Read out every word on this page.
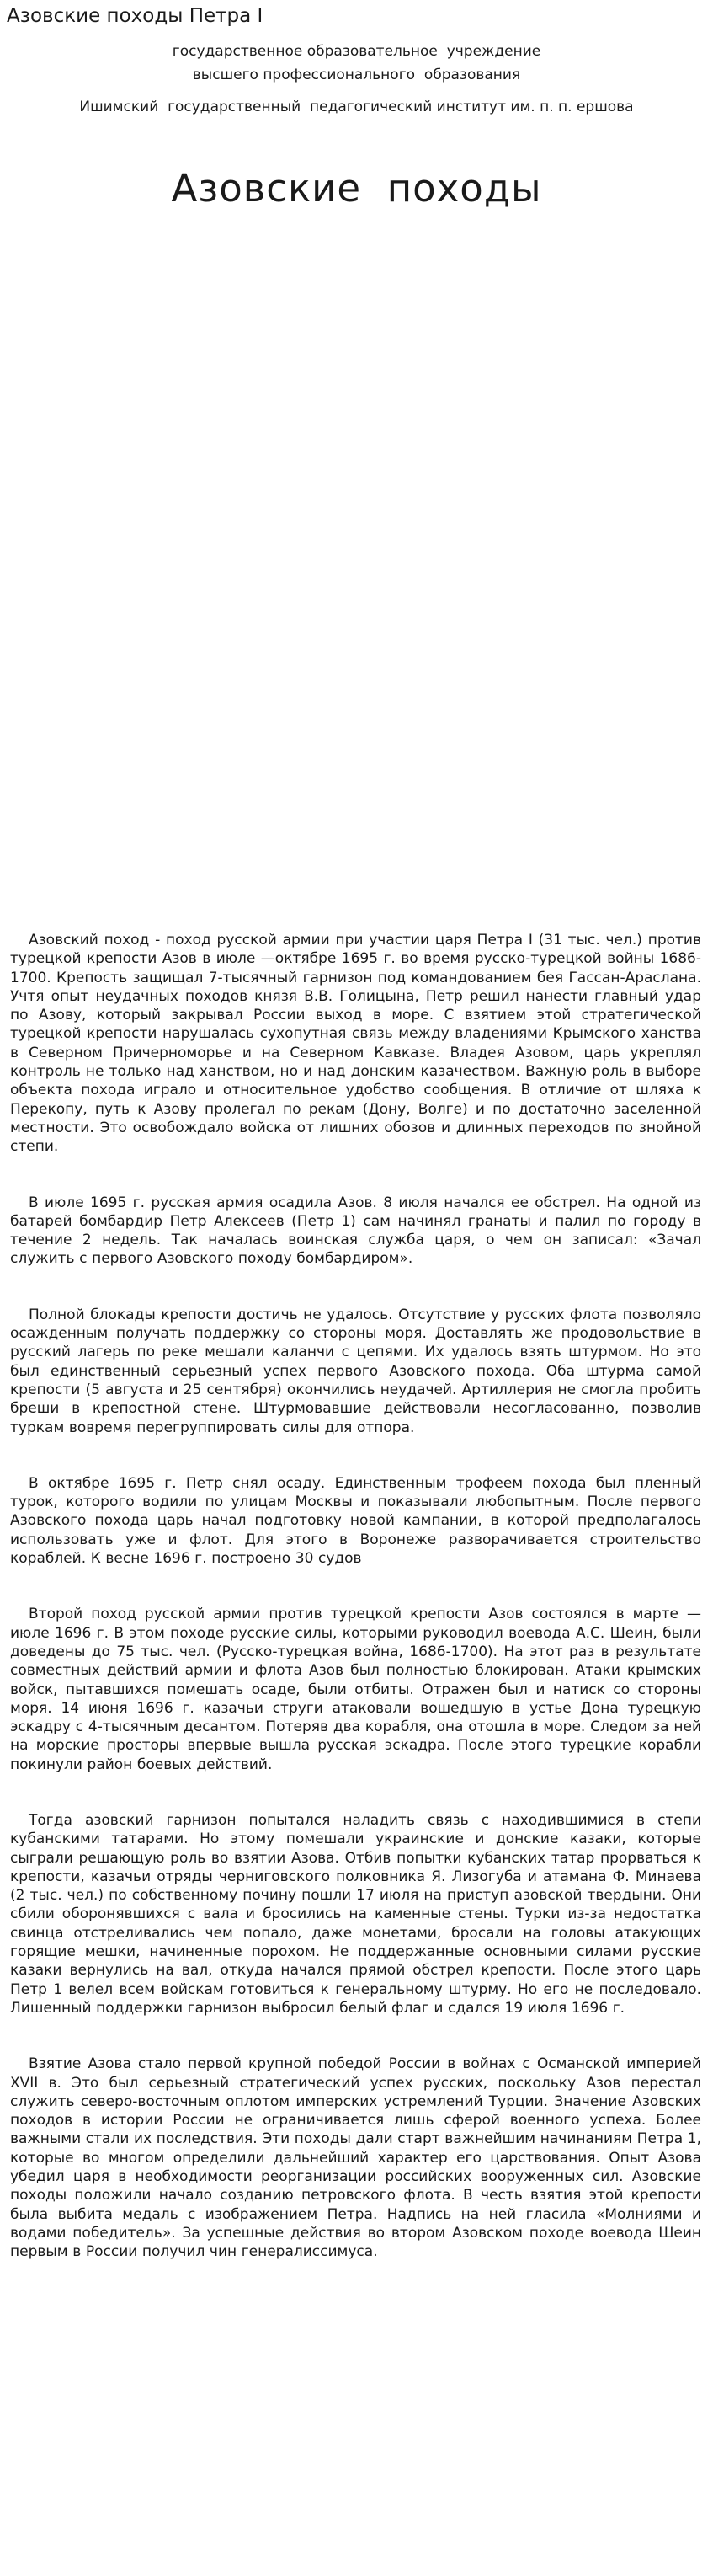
Азовские походы Петра I
государственное образовательное  учреждение
высшего профессионального  образования
Ишимский  государственный  педагогический институт им. п. п. ершова
Азовские  походы

Азовский поход - поход русской армии при участии царя Петра I (31 тыс. чел.) против турецкой крепости Азов в июле —октябре 1695 г. во время русско-турецкой войны 1686-1700. Крепость защищал 7-тысячный гарнизон под командованием бея Гассан-Арaслана. Учтя опыт неудачных походов князя В.В. Голицына, Петр решил нанести главный удар по Азову, который закрывал России выход в море. С взятием этой стратегической турецкой крепости нарушалась сухопутная связь между владениями Крымского ханства в Северном Причерноморье и на Северном Кавказе. Владея Азовом, царь укреплял контроль не только над ханством, но и над донским казачеством. Важную роль в выборе объекта похода играло и относительное удобство сообщения. В отличие от шляха к Перекопу, путь к Азову пролегал по рекам (Дону, Волге) и по достаточно заселенной местности. Это освобождало войска от лишних обозов и длинных переходов по знойной степи.

В июле 1695 г. русская армия осадила Азов. 8 июля начался ее обстрел. На одной из батарей бомбардир Петр Алексеев (Петр 1) сам начинял гранаты и палил по городу в течение 2 недель. Так началась воинская служба царя, о чем он записал: «Зачал служить с первого Азовского походу бомбардиром».

Полной блокады крепости достичь не удалось. Отсутствие у русских флота позволяло осажденным получать поддержку со стороны моря. Доставлять же продовольствие в русский лагерь по реке мешали каланчи с цепями. Их удалось взять штурмом. Но это был единственный серьезный успех первого Азовского похода. Оба штурма самой крепости (5 августа и 25 сентября) окончились неудачей. Артиллерия не смогла пробить бреши в крепостной стене. Штурмовавшие действовали несогласованно, позволив туркам вовремя перегруппировать силы для отпора.

В октябре 1695 г. Петр снял осаду. Единственным трофеем похода был пленный турок, которого водили по улицам Москвы и показывали любопытным. После первого Азовского похода царь начал подготовку новой кампании, в которой предполагалось использовать уже и флот. Для этого в Воронеже разворачивается строительство кораблей. К весне 1696 г. построено 30 судов

Второй поход русской армии против турецкой крепости Азов состоялся в марте — июле 1696 г. В этом походе русские силы, которыми руководил воевода А.С. Шеин, были доведены до 75 тыс. чел. (Русско-турецкая война, 1686-1700). На этот раз в результате совместных действий армии и флота Азов был полностью блокирован. Атаки крымских войск, пытавшихся помешать осаде, были отбиты. Отражен был и натиск со стороны моря. 14 июня 1696 г. казачьи струги атаковали вошедшую в устье Дона турецкую эскадру с 4-тысячным десантом. Потеряв два корабля, она отошла в море. Следом за ней на морские просторы впервые вышла русская эскадра. После этого турецкие корабли покинули район боевых действий.

Тогда азовский гарнизон попытался наладить связь с находившимися в степи кубанскими татарами. Но этому помешали украинские и донские казаки, которые сыграли решающую роль во взятии Азова. Отбив попытки кубанских татар прорваться к крепости, казачьи отряды черниговского полковника Я. Лизогуба и атамана Ф. Минаева (2 тыс. чел.) по собственному почину пошли 17 июля на приступ азовской твердыни. Они сбили оборонявшихся с вала и бросились на каменные стены. Турки из-за недостатка свинца отстреливались чем попало, даже монетами, бросали на головы атакующих горящие мешки, начиненные порохом. Не поддержанные основными силами русские казаки вернулись на вал, откуда начался прямой обстрел крепости. После этого царь Петр 1 велел всем войскам готовиться к генеральному штурму. Но его не последовало. Лишенный поддержки гарнизон выбросил белый флаг и сдался 19 июля 1696 г.

Взятие Азова стало первой крупной победой России в войнах с Османской империей XVII в. Это был серьезный стратегический успех русских, поскольку Азов перестал служить северо-восточным оплотом имперских устремлений Турции. Значение Азовских походов в истории России не ограничивается лишь сферой военного успеха. Более важными стали их последствия. Эти походы дали старт важнейшим начинаниям Петра 1, которые во многом определили дальнейший характер его царствования. Опыт Азова убедил царя в необходимости реорганизации российских вооруженных сил. Азовские походы положили начало созданию петровского флота. В честь взятия этой крепости была выбита медаль с изображением Петра. Надпись на ней гласила «Молниями и водами победитель». За успешные действия во втором Азовском походе воевода Шеин первым в России получил чин генералиссимуса.
